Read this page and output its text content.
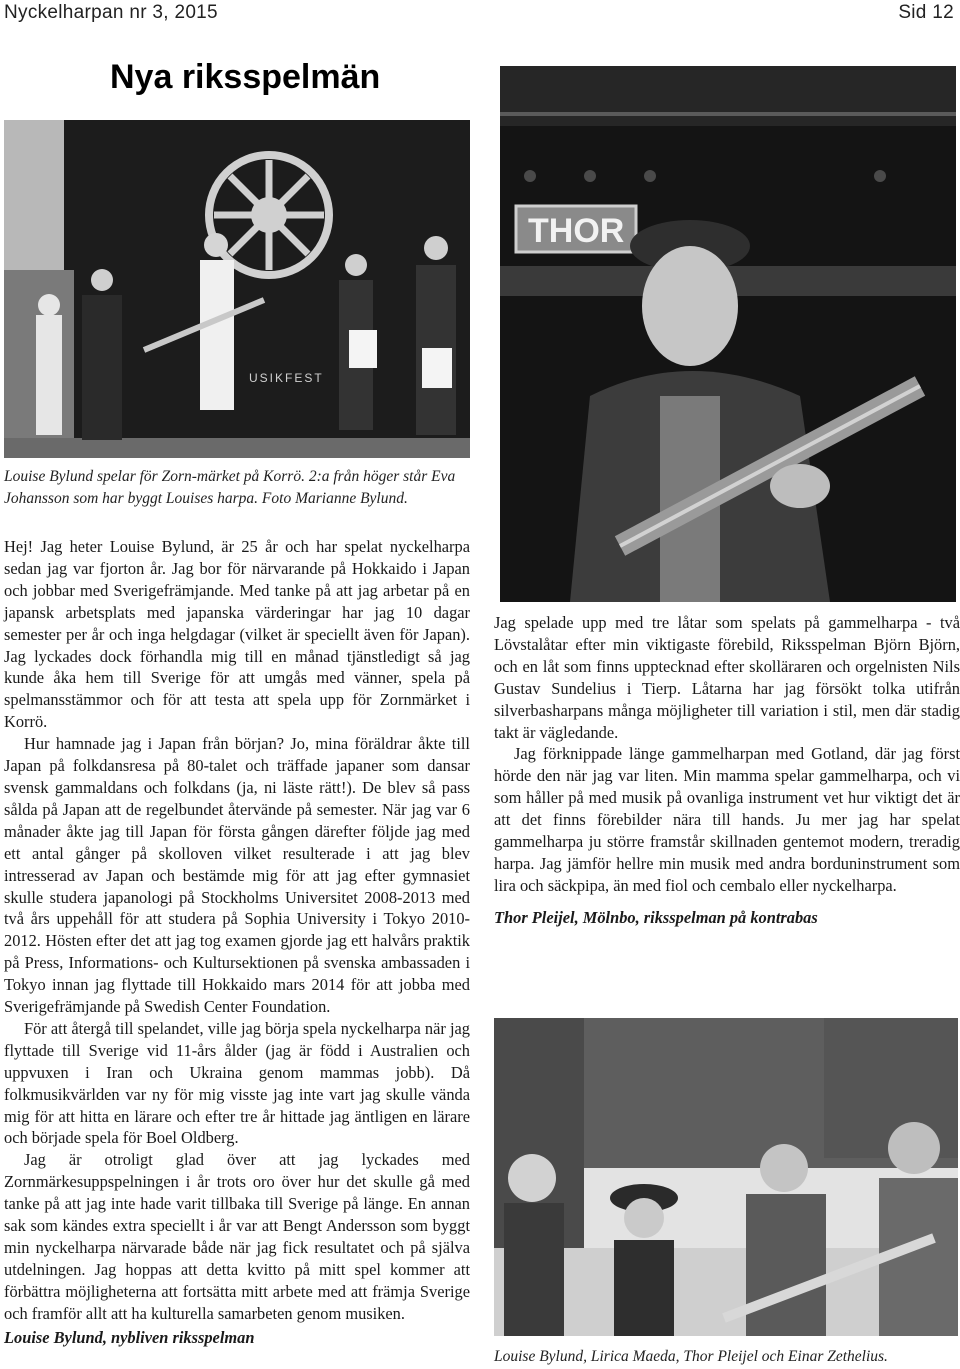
Nyckelharpan nr 3, 2015	Sid 12
Nya riksspelmän
USIKFEST
Louise Bylund spelar för Zorn-märket på Korrö. 2:a från höger står Eva Johansson som har byggt Louises harpa. Foto Marianne Bylund.
THOR
Louise Bylund, Lirica Maeda, Thor Pleijel och Einar Zethelius.

Hej! Jag heter Louise Bylund, är 25 år och har spelat nyckelharpa sedan jag var fjorton år. Jag bor för närvarande på Hokkaido i Japan och jobbar med Sverigefrämjande. Med tanke på att jag arbetar på en japansk arbetsplats med japanska värderingar har jag 10 dagar semester per år och inga helgdagar (vilket är speciellt även för Japan). Jag lyckades dock förhandla mig till en månad tjänstledigt så jag kunde åka hem till Sverige för att umgås med vänner, spela på spelmansstämmor och för att testa att spela upp för Zornmärket i Korrö.

Hur hamnade jag i Japan från början? Jo, mina föräldrar åkte till Japan på folkdansresa på 80-talet och träffade japaner som dansar svensk gammaldans och folkdans (ja, ni läste rätt!). De blev så pass sålda på Japan att de regelbundet återvände på semester. När jag var 6 månader åkte jag till Japan för första gången därefter följde jag med ett antal gånger på skolloven vilket resulterade i att jag blev intresserad av Japan och bestämde mig för att jag efter gymnasiet skulle studera japanologi på Stockholms Universitet 2008-2013 med två års uppehåll för att studera på Sophia University i Tokyo 2010-2012. Hösten efter det att jag tog examen gjorde jag ett halvårs praktik på Press, Informations- och Kultursektionen på svenska ambassaden i Tokyo innan jag flyttade till Hokkaido mars 2014 för att jobba med Sverigefrämjande på Swedish Center Foundation.

För att återgå till spelandet, ville jag börja spela nyckelharpa när jag flyttade till Sverige vid 11-års ålder (jag är född i Australien och uppvuxen i Iran och Ukraina genom mammas jobb). Då folkmusikvärlden var ny för mig visste jag inte vart jag skulle vända mig för att hitta en lärare och efter tre år hittade jag äntligen en lärare och började spela för Boel Oldberg.

Jag är otroligt glad över att jag lyckades med Zornmärkesuppspelningen i år trots oro över hur det skulle gå med tanke på att jag inte hade varit tillbaka till Sverige på länge. En annan sak som kändes extra speciellt i år var att Bengt Andersson som byggt min nyckelharpa närvarade både när jag fick resultatet och på själva utdelningen. Jag hoppas att detta kvitto på mitt spel kommer att förbättra möjligheterna att fortsätta mitt arbete med att främja Sverige och framför allt att ha kulturella samarbeten genom musiken.

Louise Bylund, nybliven riksspelman

Jag spelade upp med tre låtar som spelats på gammelharpa - två Lövstalåtar efter min viktigaste förebild, Riksspelman Björn Björn, och en låt som finns upptecknad efter skolläraren och orgelnisten Nils Gustav Sundelius i Tierp. Låtarna har jag försökt tolka utifrån silverbasharpans många möjligheter till variation i stil, men där stadig takt är vägledande.

Jag förknippade länge gammelharpan med Gotland, där jag först hörde den när jag var liten. Min mamma spelar gammelharpa, och vi som håller på med musik på ovanliga instrument vet hur viktigt det är att det finns förebilder nära till hands. Ju mer jag har spelat gammelharpa ju större framstår skillnaden gentemot modern, treradig harpa. Jag jämför hellre min musik med andra borduninstrument som lira och säckpipa, än med fiol och cembalo eller nyckelharpa.

Thor Pleijel, Mölnbo, riksspelman på kontrabas
